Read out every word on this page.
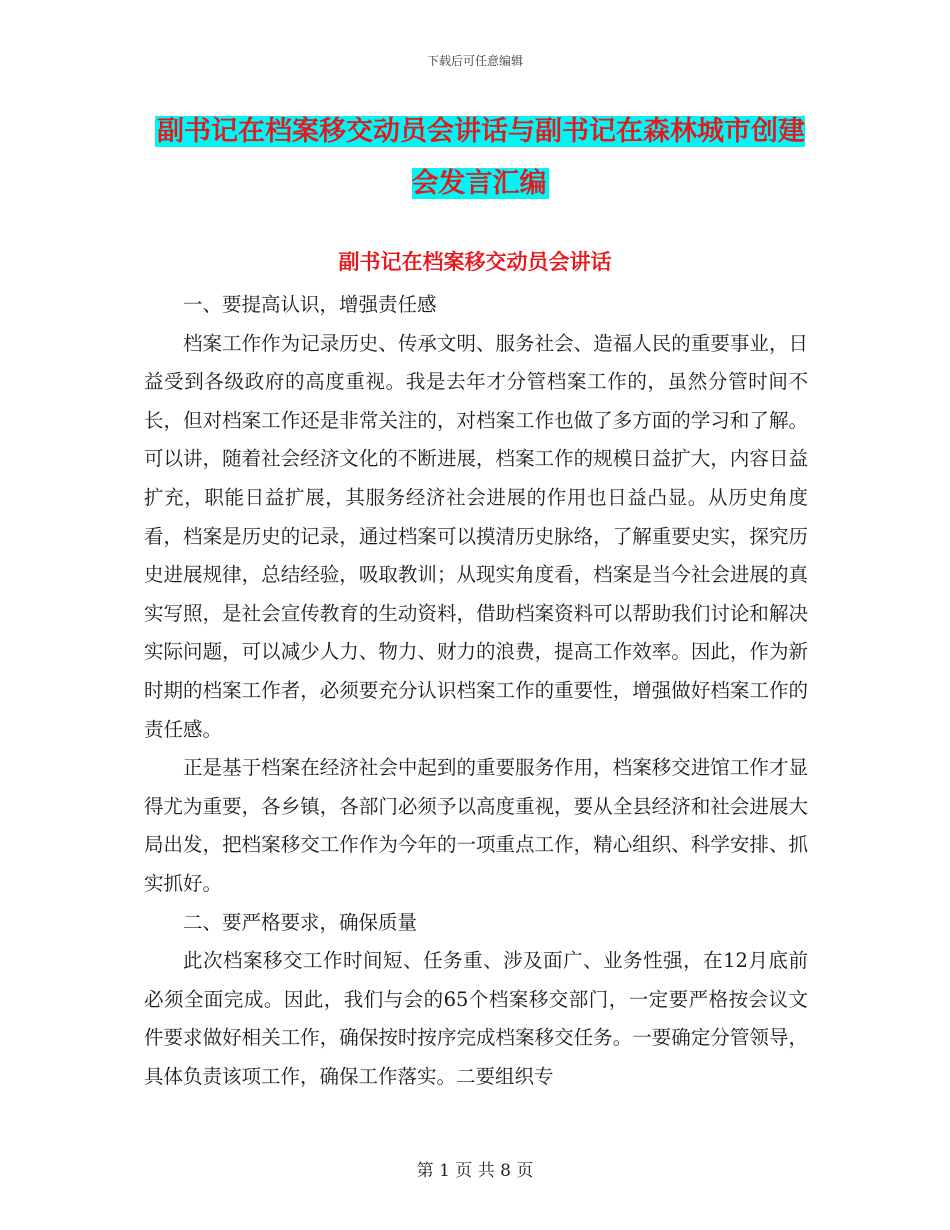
下载后可任意编辑
副书记在档案移交动员会讲话与副书记在森林城市创建会发言汇编
副书记在档案移交动员会讲话

一、要提高认识，增强责任感

档案工作作为记录历史、传承文明、服务社会、造福人民的重要事业，日益受到各级政府的高度重视。我是去年才分管档案工作的，虽然分管时间不长，但对档案工作还是非常关注的，对档案工作也做了多方面的学习和了解。可以讲，随着社会经济文化的不断进展，档案工作的规模日益扩大，内容日益扩充，职能日益扩展，其服务经济社会进展的作用也日益凸显。从历史角度看，档案是历史的记录，通过档案可以摸清历史脉络，了解重要史实，探究历史进展规律，总结经验，吸取教训；从现实角度看，档案是当今社会进展的真实写照，是社会宣传教育的生动资料，借助档案资料可以帮助我们讨论和解决实际问题，可以减少人力、物力、财力的浪费，提高工作效率。因此，作为新时期的档案工作者，必须要充分认识档案工作的重要性，增强做好档案工作的责任感。

正是基于档案在经济社会中起到的重要服务作用，档案移交进馆工作才显得尤为重要，各乡镇，各部门必须予以高度重视，要从全县经济和社会进展大局出发，把档案移交工作作为今年的一项重点工作，精心组织、科学安排、抓实抓好。

二、要严格要求，确保质量

此次档案移交工作时间短、任务重、涉及面广、业务性强，在12月底前必须全面完成。因此，我们与会的65个档案移交部门，一定要严格按会议文件要求做好相关工作，确保按时按序完成档案移交任务。一要确定分管领导，具体负责该项工作，确保工作落实。二要组织专

第 1 页 共 8 页
